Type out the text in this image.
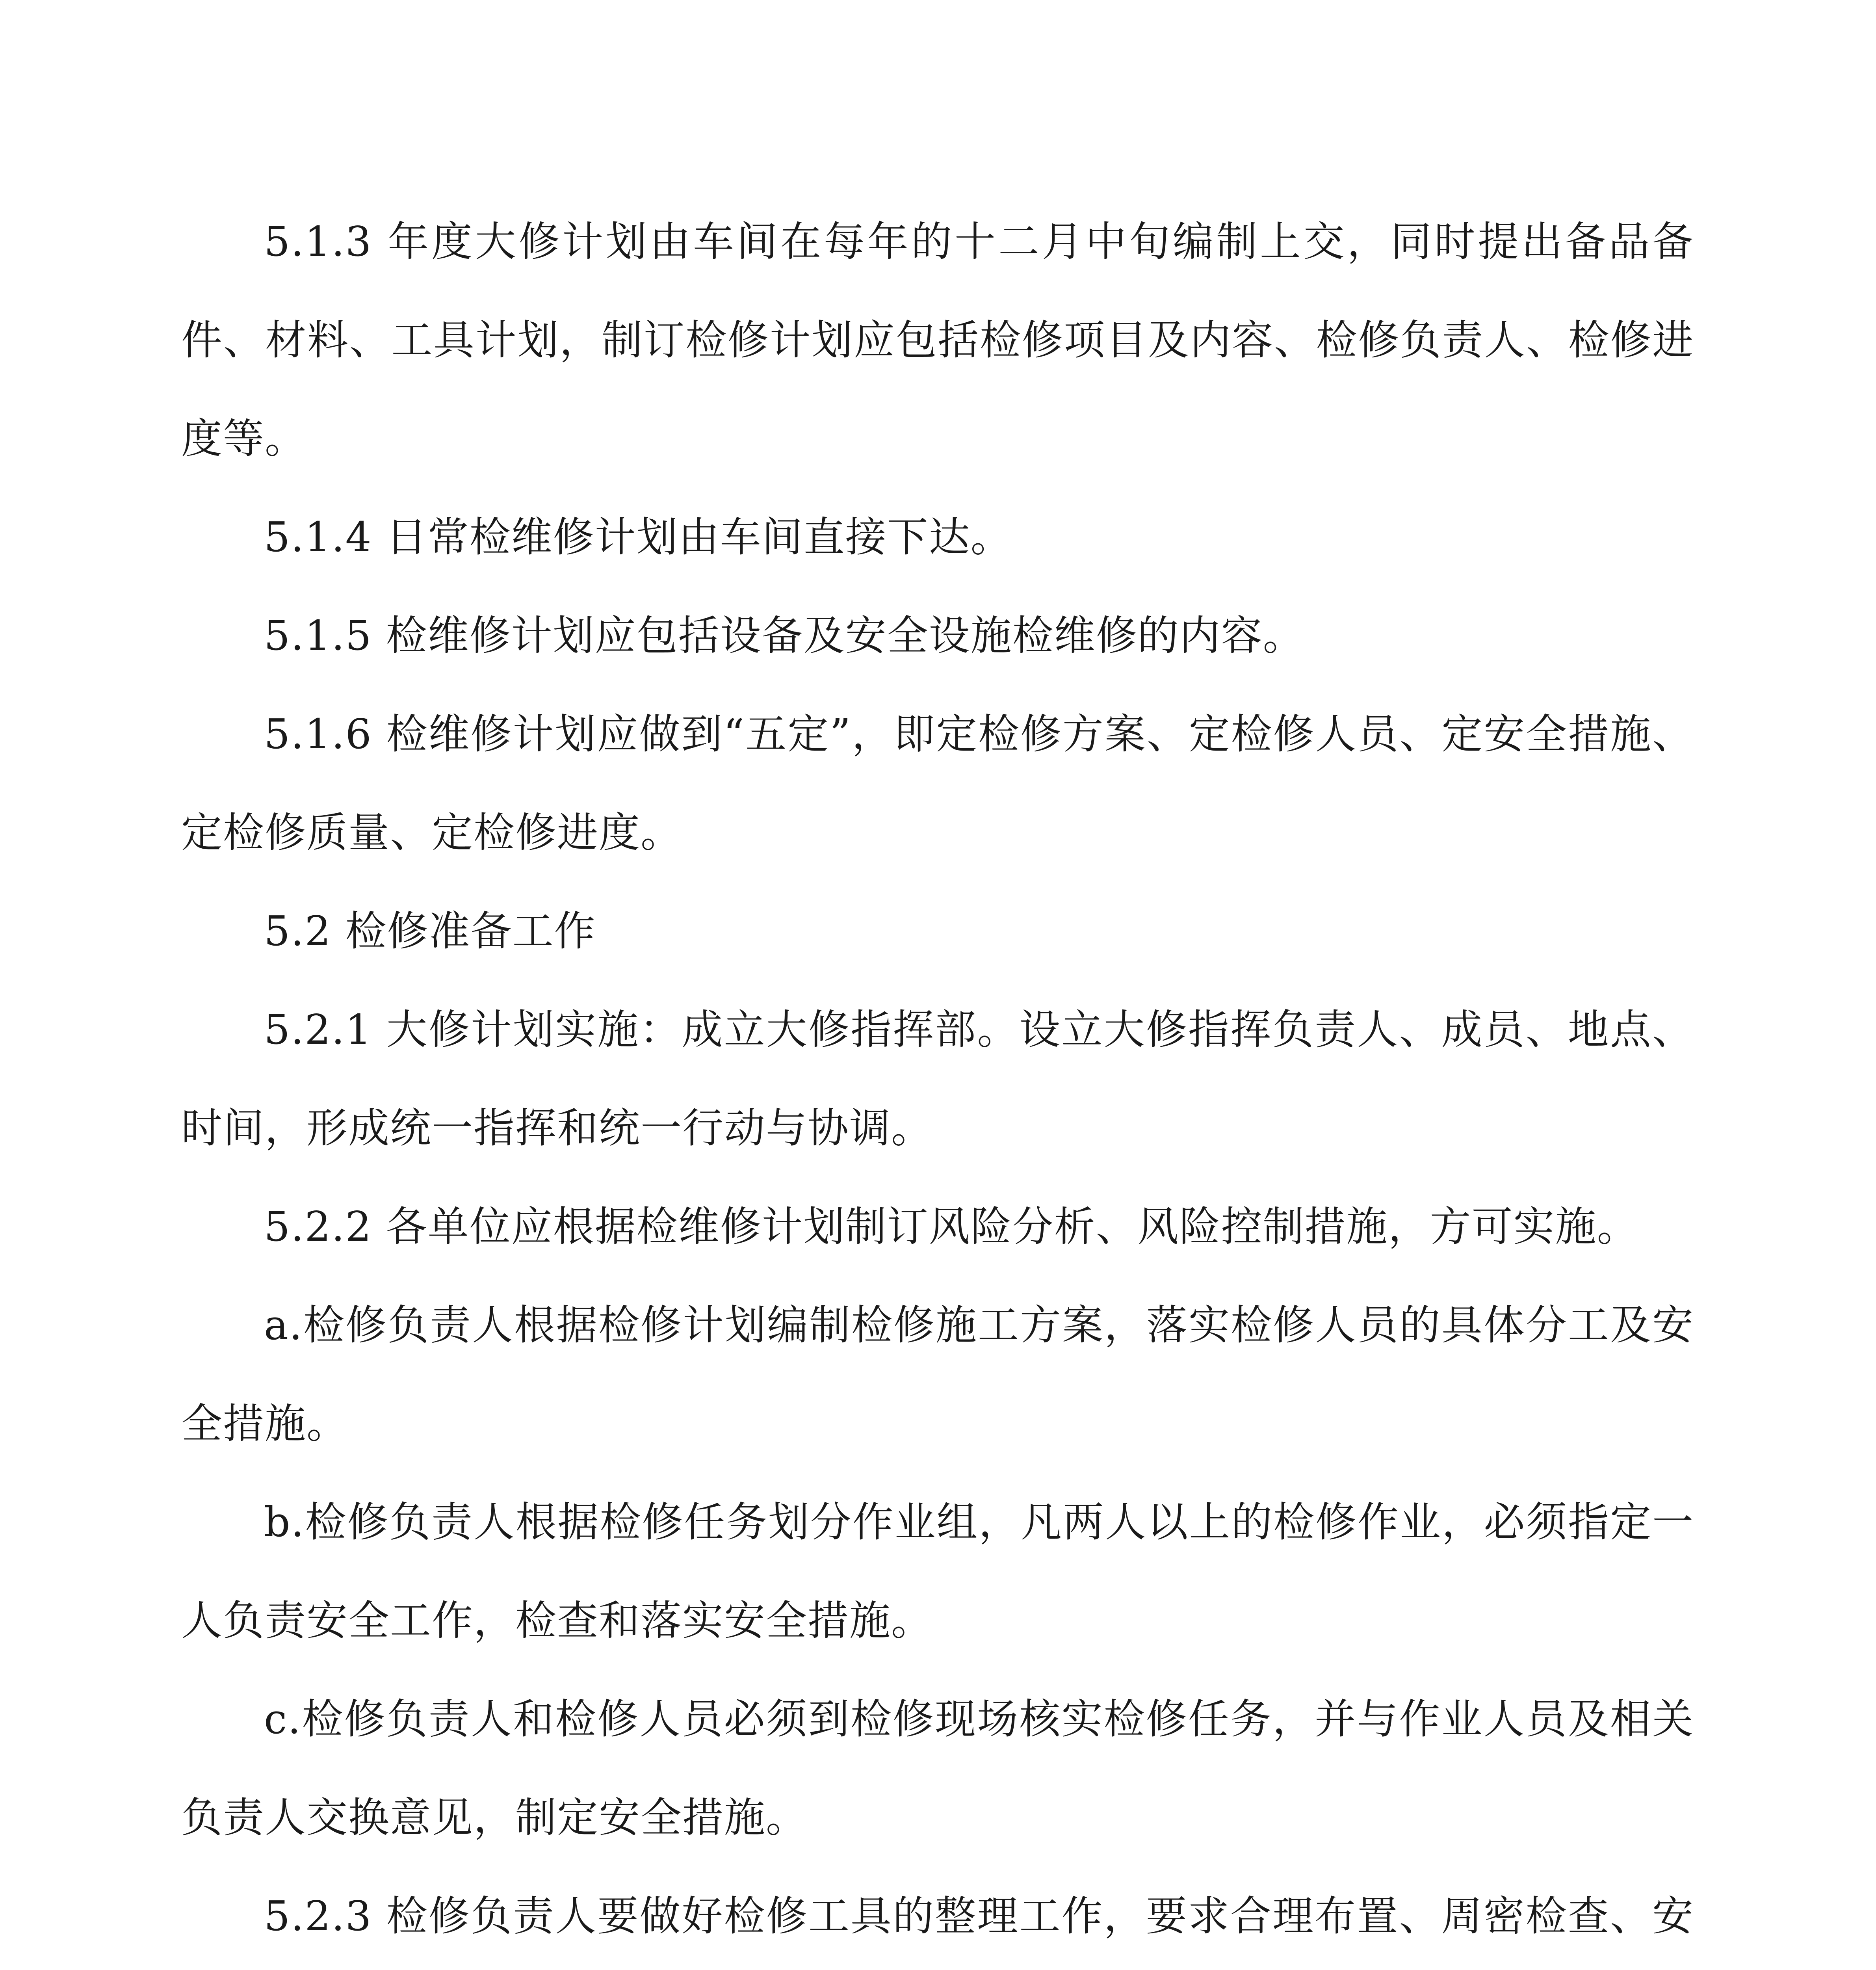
5.1.3 年度大修计划由车间在每年的十二月中旬编制上交，同时提出备品备件、材料、工具计划，制订检修计划应包括检修项目及内容、检修负责人、检修进度等。

5.1.4 日常检维修计划由车间直接下达。

5.1.5 检维修计划应包括设备及安全设施检维修的内容。

5.1.6 检维修计划应做到“五定”，即定检修方案、定检修人员、定安全措施、定检修质量、定检修进度。

5.2 检修准备工作

5.2.1 大修计划实施：成立大修指挥部。设立大修指挥负责人、成员、地点、时间，形成统一指挥和统一行动与协调。

5.2.2 各单位应根据检维修计划制订风险分析、风险控制措施，方可实施。

a.检修负责人根据检修计划编制检修施工方案，落实检修人员的具体分工及安全措施。

b.检修负责人根据检修任务划分作业组，凡两人以上的检修作业，必须指定一人负责安全工作，检查和落实安全措施。

c.检修负责人和检修人员必须到检修现场核实检修任务，并与作业人员及相关负责人交换意见，制定安全措施。

5.2.3 检修负责人要做好检修工具的整理工作，要求合理布置、周密检查、安
